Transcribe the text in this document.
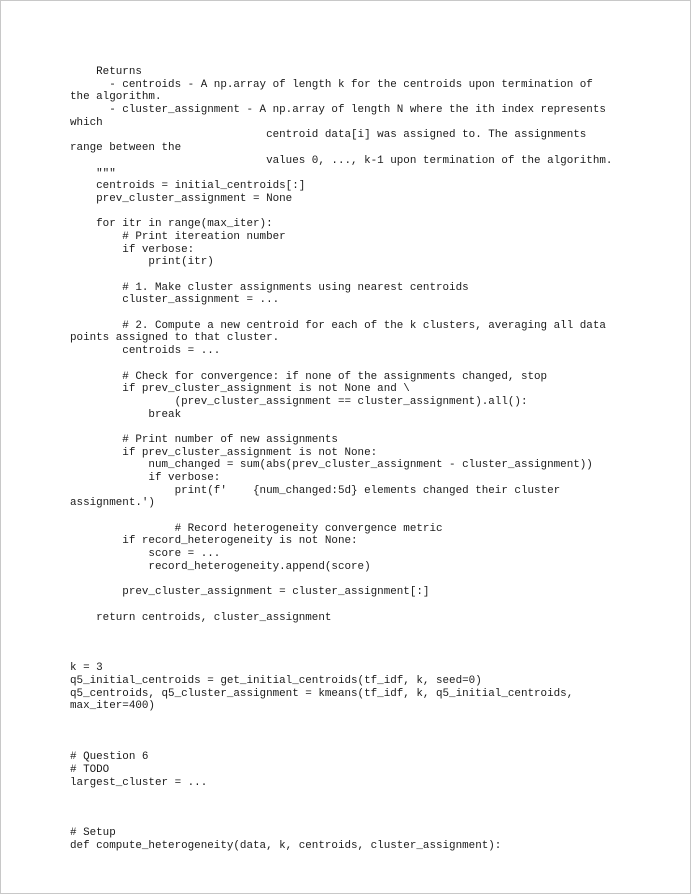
Returns
- centroids - A np.array of length k for the centroids upon termination of
the algorithm.
- cluster_assignment - A np.array of length N where the ith index represents
which
centroid data[i] was assigned to. The assignments
range between the
values 0, ..., k-1 upon termination of the algorithm.
"""
centroids = initial_centroids[:]
prev_cluster_assignment = None
for itr in range(max_iter):
# Print itereation number
if verbose:
print(itr)
# 1. Make cluster assignments using nearest centroids
cluster_assignment = ...
# 2. Compute a new centroid for each of the k clusters, averaging all data
points assigned to that cluster.
centroids = ...
# Check for convergence: if none of the assignments changed, stop
if prev_cluster_assignment is not None and \
(prev_cluster_assignment == cluster_assignment).all():
break
# Print number of new assignments
if prev_cluster_assignment is not None:
num_changed = sum(abs(prev_cluster_assignment - cluster_assignment))
if verbose:
print(f'    {num_changed:5d} elements changed their cluster
assignment.')
# Record heterogeneity convergence metric
if record_heterogeneity is not None:
score = ...
record_heterogeneity.append(score)
prev_cluster_assignment = cluster_assignment[:]
return centroids, cluster_assignment
k = 3
q5_initial_centroids = get_initial_centroids(tf_idf, k, seed=0)
q5_centroids, q5_cluster_assignment = kmeans(tf_idf, k, q5_initial_centroids,
max_iter=400)
# Question 6
# TODO
largest_cluster = ...
# Setup
def compute_heterogeneity(data, k, centroids, cluster_assignment):
